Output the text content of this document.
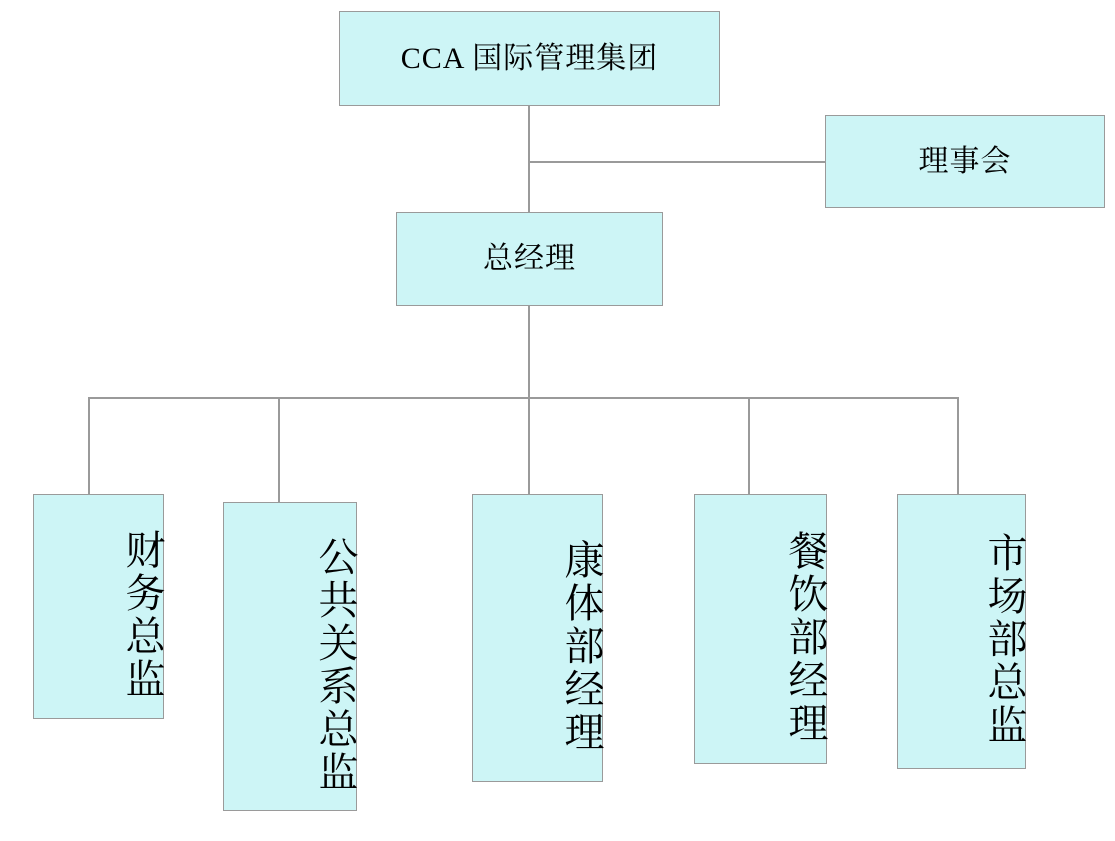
CCA 国际管理集团
理事会
总经理
财务总监	公共关系总监	康体部经理	餐饮部经理	市场部总监
